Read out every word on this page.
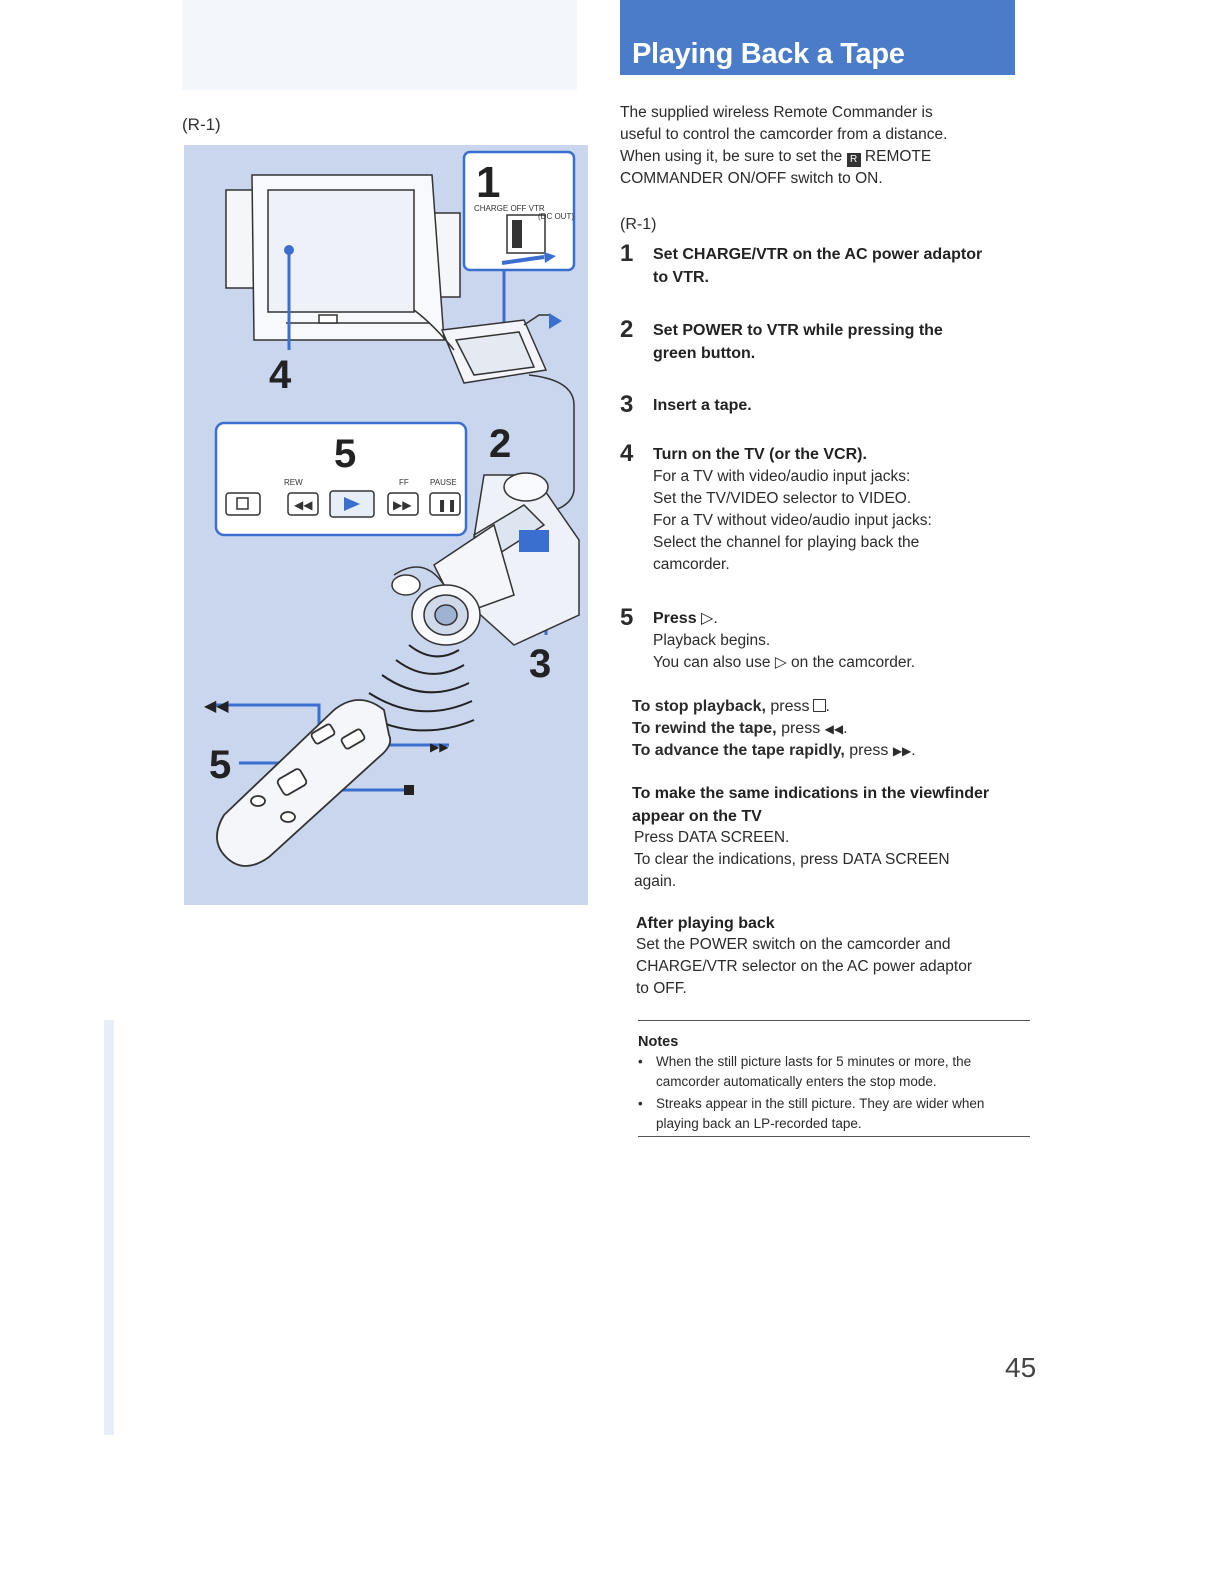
(R-1)
1
CHARGE OFF VTR
(DC OUT)
4
◀◀	▶▶ ❚❚
5
REW	FF	PAUSE
2
3
5
◀◀
▶▶
Playing Back a Tape
The supplied wireless Remote Commander is
useful to control the camcorder from a distance.
When using it, be sure to set the R REMOTE
COMMANDER ON/OFF switch to ON.
(R-1)
1 Set CHARGE/VTR on the AC power adaptor
to VTR.
2 Set POWER to VTR while pressing the
green button.
3 Insert a tape.
4 Turn on the TV (or the VCR).
For a TV with video/audio input jacks:
Set the TV/VIDEO selector to VIDEO.
For a TV without video/audio input jacks:
Select the channel for playing back the
camcorder.
5 Press ▷.
Playback begins.
You can also use ▷ on the camcorder.
To stop playback, press .
To rewind the tape, press ◀◀.
To advance the tape rapidly, press ▶▶.
To make the same indications in the viewfinder
appear on the TV
Press DATA SCREEN.
To clear the indications, press DATA SCREEN
again.
After playing back
Set the POWER switch on the camcorder and
CHARGE/VTR selector on the AC power adaptor
to OFF.
Notes
• When the still picture lasts for 5 minutes or more, the
camcorder automatically enters the stop mode.
• Streaks appear in the still picture. They are wider when
playing back an LP-recorded tape.
45
